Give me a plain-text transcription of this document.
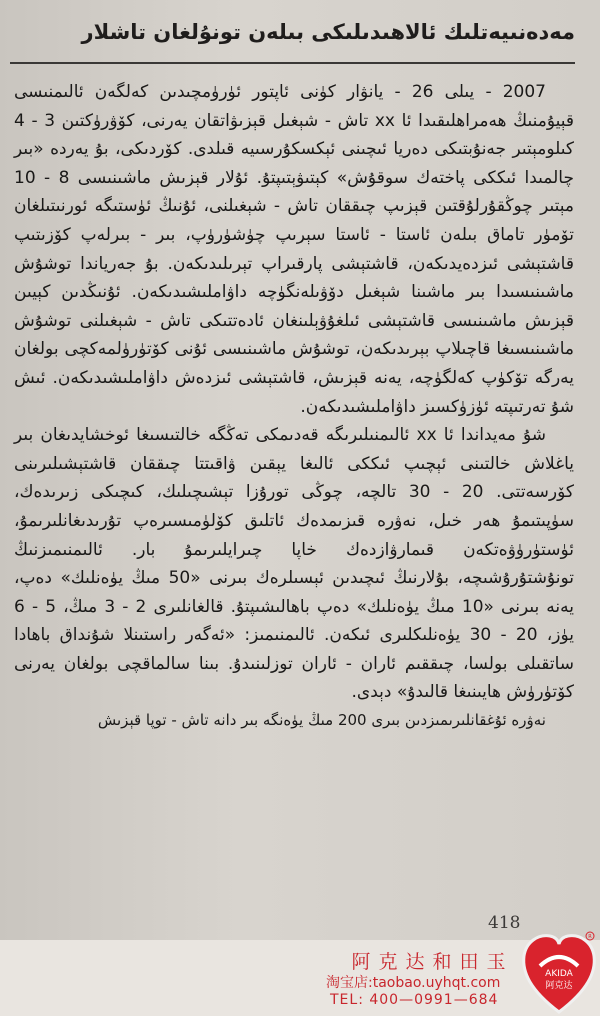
مەدەنىيەتلىك ئالاھىدىلىكى بىلەن تونۇلغان تاشلار

2007 - يىلى 26 - يانۋار كۈنى ئاپتور ئۈرۈمچىدىن كەلگەن ئالىمنىسى قېيۇمنىڭ ھەمراھلىقىدا ئا xx تاش - شېغىل قېزىۋاتقان يەرنى، كۆۋرۈكتىن 3 - 4 كىلومېتىر جەنۇبتىكى دەريا ئىچىنى ئېكسكۇرسىيە قىلدى. كۆردىكى، بۇ يەردە «بىر چالمىدا ئىككى پاختەك سوقۇش» كېتىۋېتىپتۇ. ئۇلار قېزىش ماشىنىسى 8 - 10 مېتىر چوڭقۇرلۇقتىن قېزىپ چىققان تاش - شېغىلنى، ئۇنىڭ ئۈستىگە ئورنىتىلغان تۆمۈر تاماق بىلەن ئاستا - ئاستا سېرىپ چۈشۈرۈپ، بىر - بىرلەپ كۆزىتىپ قاشتېشى ئىزدەيدىكەن، قاشتېشى پارقىراپ تېرىلىدىكەن. بۇ جەرياندا توشۇش ماشىنىسىدا بىر ماشىنا شېغىل دۆۋىلەنگۈچە داۋاملىشىدىكەن. ئۇنىڭدىن كېيىن قېزىش ماشىنىسى قاشتېشى ئىلغۇۋېلىنغان ئادەتتىكى تاش - شېغىلنى توشۇش ماشىنىسىغا قاچىلاپ بېرىدىكەن، توشۇش ماشىنىسى ئۇنى كۆتۈرۈلمەكچى بولغان يەرگە تۆكۈپ كەلگۈچە، يەنە قېزىش، قاشتېشى ئىزدەش داۋاملىشىدىكەن. ئىش شۇ تەرتىپتە ئۈزۈكسىز داۋاملىشىدىكەن.

شۇ مەيداندا ئا xx ئالىمنىلىرىگە قەدىمكى تەڭگە خالتىسىغا ئوخشايدىغان بىر ياغلاش خالتىنى ئېچىپ ئىككى ئالىغا يېقىن ۋاقىتتا چىققان قاشتېشىلىرىنى كۆرسەتتى. 20 - 30 تالچە، چوڭى تورۇزا تېشىچىلىك، كىچىكى زىرىدەك، سۈپىتىمۇ ھەر خىل، نەۋرە قىزىمدەك ئاتلىق كۆلۈمىسىرەپ تۇرىدىغانلىرىمۇ، ئۈستۈرۈۋەتكەن قىمارۋازدەك خاپا چىرايلىرىمۇ بار. ئالىمنىمىزنىڭ تونۇشتۇرۇشىچە، بۇلارنىڭ ئىچىدىن ئېسىلرەك بىرنى «50 مىڭ يۈەنلىك» دەپ، يەنە بىرنى «10 مىڭ يۈەنلىك» دەپ باھالىشىپتۇ. قالغانلىرى 2 - 3 مىڭ، 5 - 6 يۈز، 20 - 30 يۈەنلىكلىرى ئىكەن. ئالىمنىمىز: «ئەگەر راستىنلا شۇنداق باھادا ساتقىلى بولسا، چىققىم ئاران - ئاران توزلىنىدۇ. بىنا سالماقچى بولغان يەرنى كۆتۈرۈش ھايىنىغا قالىدۇ» دېدى.

نەۋرە ئۇغقانلىرىمىزدىن بىرى 200 مىڭ يۈەنگە بىر دانە تاش - توپا قېزىش

418
阿克达和田玉
淘宝店:taobao.uyhqt.com
TEL: 400—0991—684
AKIDA
阿克达
R
